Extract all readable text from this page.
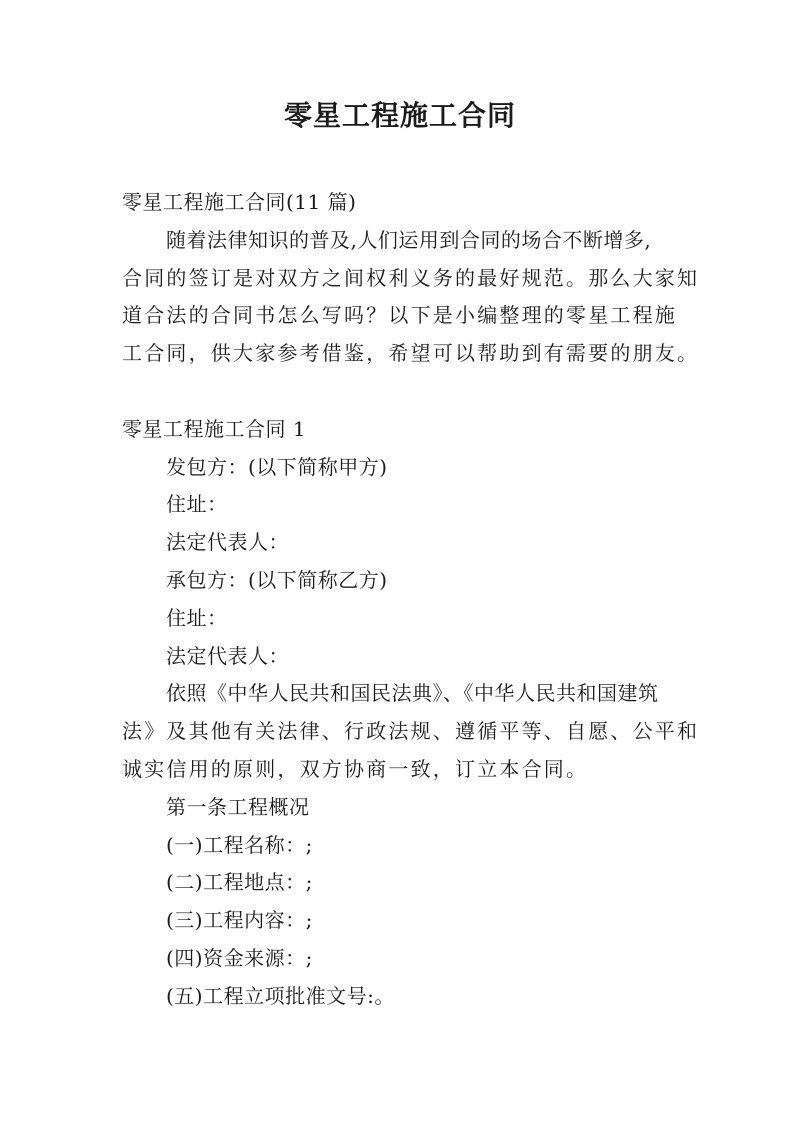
零星工程施工合同

零星工程施工合同(11 篇)

随着法律知识的普及,人们运用到合同的场合不断增多,

合同的签订是对双方之间权利义务的最好规范。那么大家知

道合法的合同书怎么写吗？以下是小编整理的零星工程施

工合同，供大家参考借鉴，希望可以帮助到有需要的朋友。

零星工程施工合同 1

发包方：(以下简称甲方)

住址：

法定代表人：

承包方：(以下简称乙方)

住址：

法定代表人：

依照《中华人民共和国民法典》、《中华人民共和国建筑

法》及其他有关法律、行政法规、遵循平等、自愿、公平和

诚实信用的原则，双方协商一致，订立本合同。

第一条工程概况

(一)工程名称：;

(二)工程地点：;

(三)工程内容：;

(四)资金来源：;

(五)工程立项批准文号:。
